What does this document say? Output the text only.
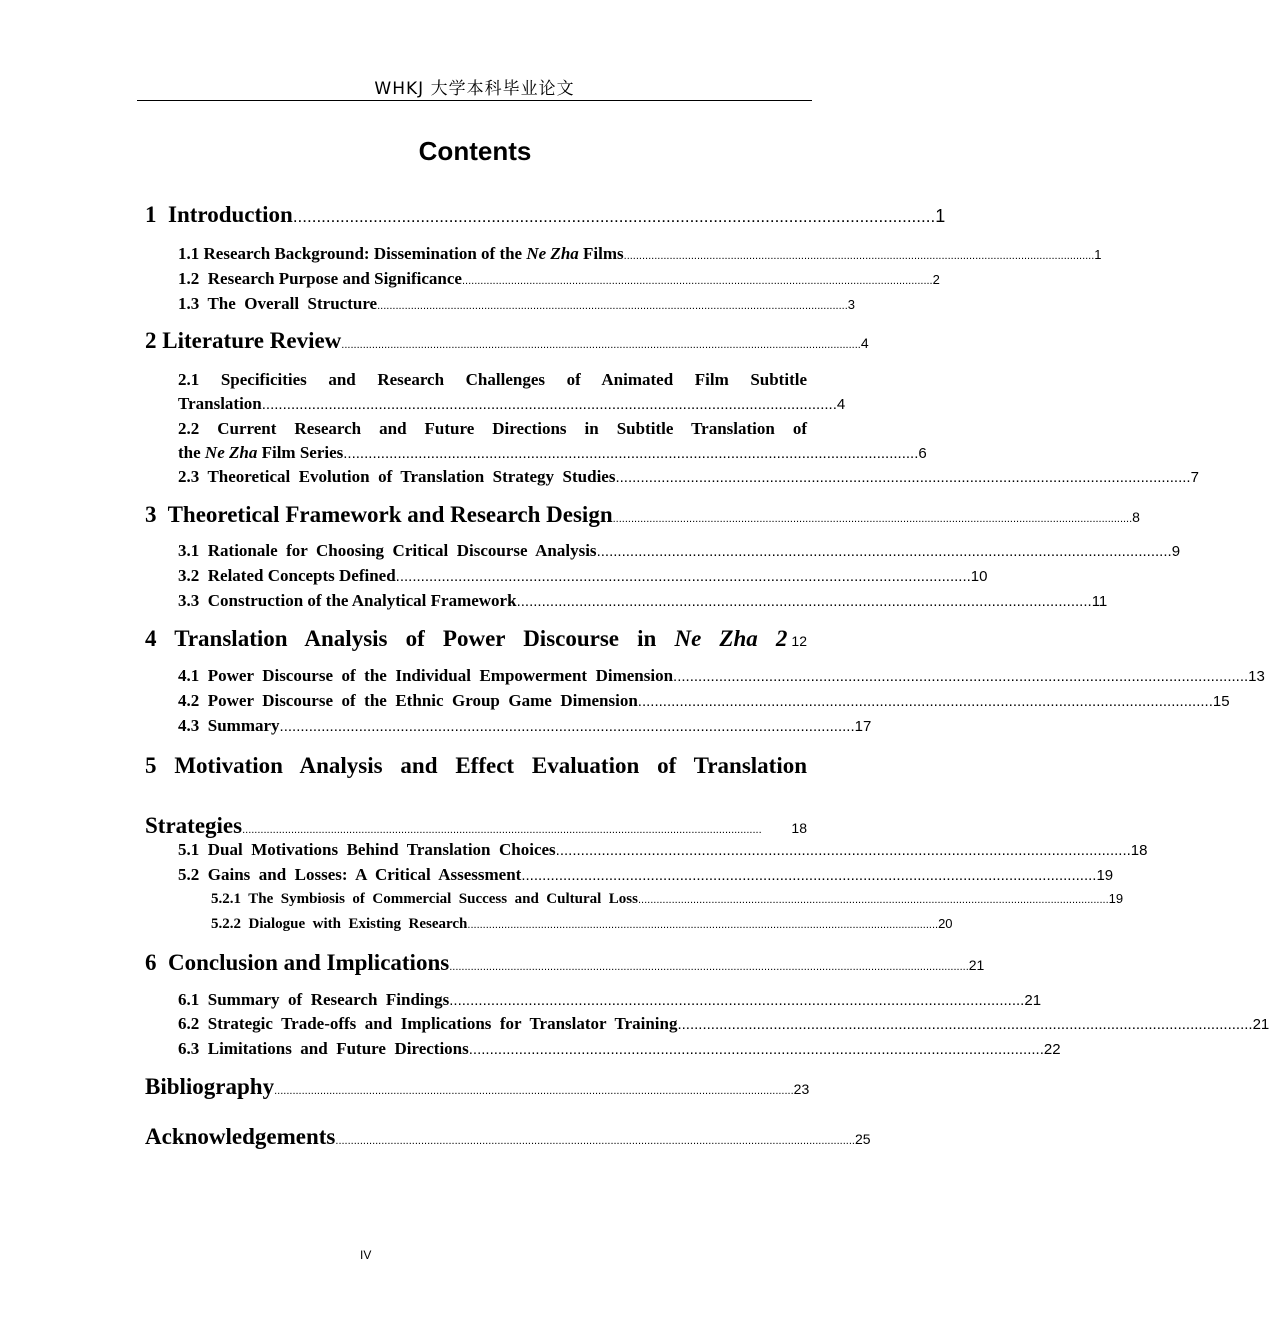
WHKJ 大学本科毕业论文
Contents
1
Introduction ........................................................................................................................................ 1
1.1 Research Background: Dissemination of the Ne Zha Films .......................................................................................................................................................... 1
1.2  Research Purpose and Significance .......................................................................................................................................................... 2
1.3  The  Overall  Structure .......................................................................................................................................................... 3
2 Literature Review .......................................................................................................................................................................... 4
2.1 Specificities and Research Challenges of Animated Film Subtitle
Translation .......................................................................................................................................... 4
2.2 Current Research and Future Directions in Subtitle Translation of
the Ne Zha Film Series .......................................................................................................................................... 6
2.3  Theoretical  Evolution  of  Translation  Strategy  Studies .......................................................................................................................................... 7
3  Theoretical Framework and Research Design .......................................................................................................................................................................... 8
3.1  Rationale  for  Choosing  Critical  Discourse  Analysis .......................................................................................................................................... 9
3.2  Related Concepts Defined .......................................................................................................................................... 10
3.3  Construction of the Analytical Framework .......................................................................................................................................... 11
4 Translation Analysis of Power Discourse in Ne Zha 2 12
4.1  Power  Discourse  of  the  Individual  Empowerment  Dimension .......................................................................................................................................... 13
4.2  Power  Discourse  of  the  Ethnic  Group  Game  Dimension .......................................................................................................................................... 15
4.3  Summary .......................................................................................................................................... 17
5 Motivation Analysis and Effect Evaluation of Translation
Strategies ..........................................................................................................................................................................	18
5.1  Dual  Motivations  Behind  Translation  Choices .......................................................................................................................................... 18
5.2  Gains  and  Losses:  A  Critical  Assessment .......................................................................................................................................... 19
5.2.1  The  Symbiosis  of  Commercial  Success  and  Cultural  Loss .......................................................................................................................................................... 19
5.2.2  Dialogue  with  Existing  Research .......................................................................................................................................................... 20
6  Conclusion and Implications .......................................................................................................................................................................... 21
6.1  Summary  of  Research  Findings .......................................................................................................................................... 21
6.2  Strategic  Trade-offs  and  Implications  for  Translator  Training .......................................................................................................................................... 21
6.3  Limitations  and  Future  Directions .......................................................................................................................................... 22
Bibliography .......................................................................................................................................................................... 23
Acknowledgements .......................................................................................................................................................................... 25
IV
